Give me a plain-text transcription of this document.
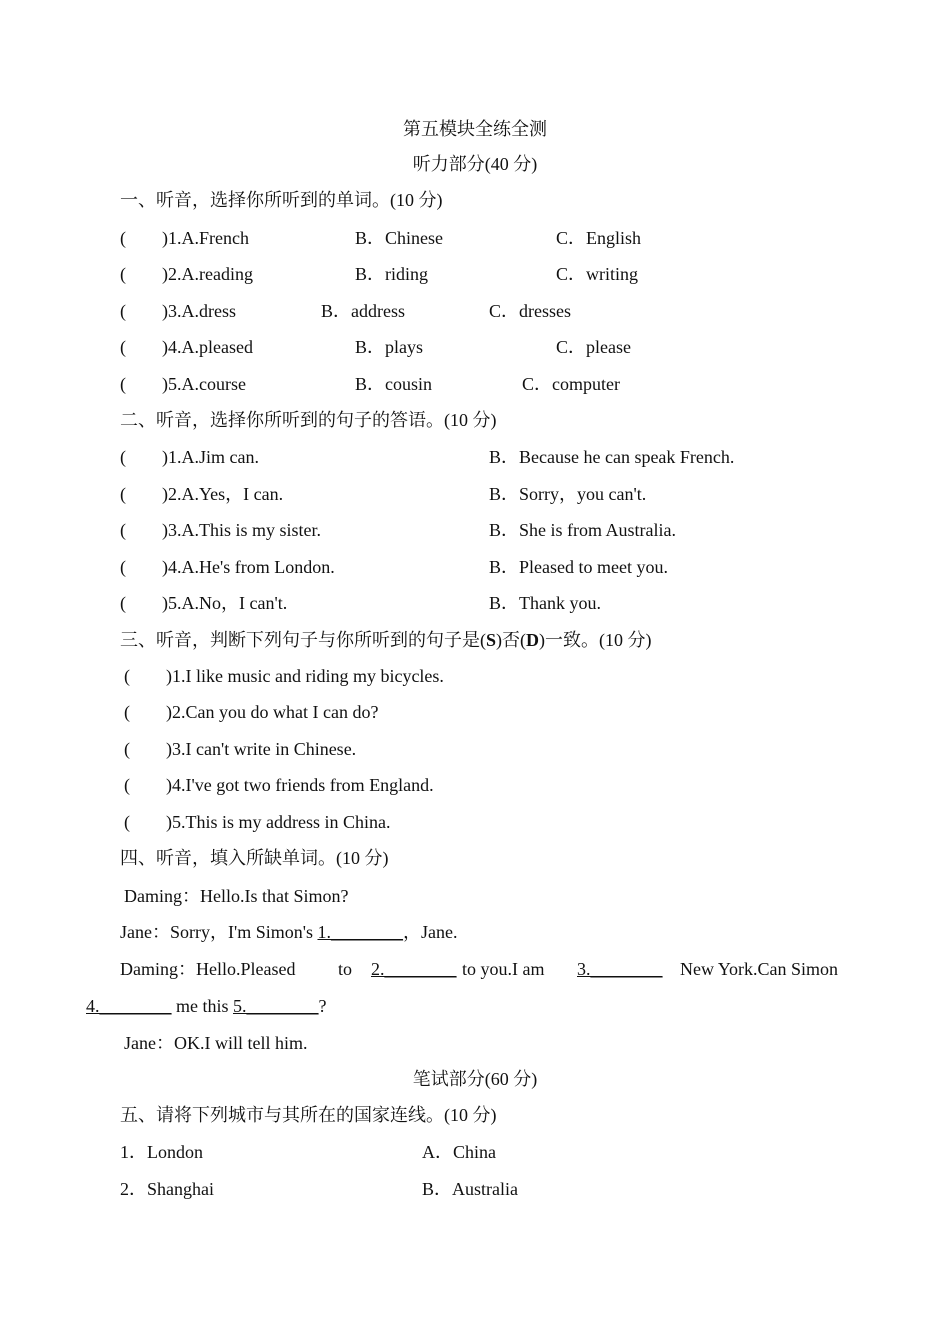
第五模块全练全测
听力部分(40 分)
一、听音，选择你所听到的单词。(10 分)
(　　)1.A.French	B．Chinese	C．English
(　　)2.A.reading	B．riding	C．writing
(　　)3.A.dress	B．address	C．dresses
(　　)4.A.pleased	B．plays	C．please
(　　)5.A.course	B．cousin	C．computer
二、听音，选择你所听到的句子的答语。(10 分)
(　　)1.A.Jim can.	B．Because he can speak French.
(　　)2.A.Yes，I can.	B．Sorry，you can't.
(　　)3.A.This is my sister.	B．She is from Australia.
(　　)4.A.He's from London.	B．Pleased to meet you.
(　　)5.A.No，I can't.	B．Thank you.
三、听音，判断下列句子与你所听到的句子是(S)否(D)一致。(10 分)
(　　)1.I like music and riding my bicycles.
(　　)2.Can you do what I can do?
(　　)3.I can't write in Chinese.
(　　)4.I've got two friends from England.
(　　)5.This is my address in China.
四、听音，填入所缺单词。(10 分)
Daming：Hello.Is that Simon?
Jane：Sorry，I'm Simon's 1.________，Jane.
Daming：Hello.Pleased to 2.________ to you.I am 3.________ New York.Can Simon
4.________ me this 5.________?
Jane：OK.I will tell him.
笔试部分(60 分)
五、请将下列城市与其所在的国家连线。(10 分)
1．London	A．China
2．Shanghai	B．Australia
